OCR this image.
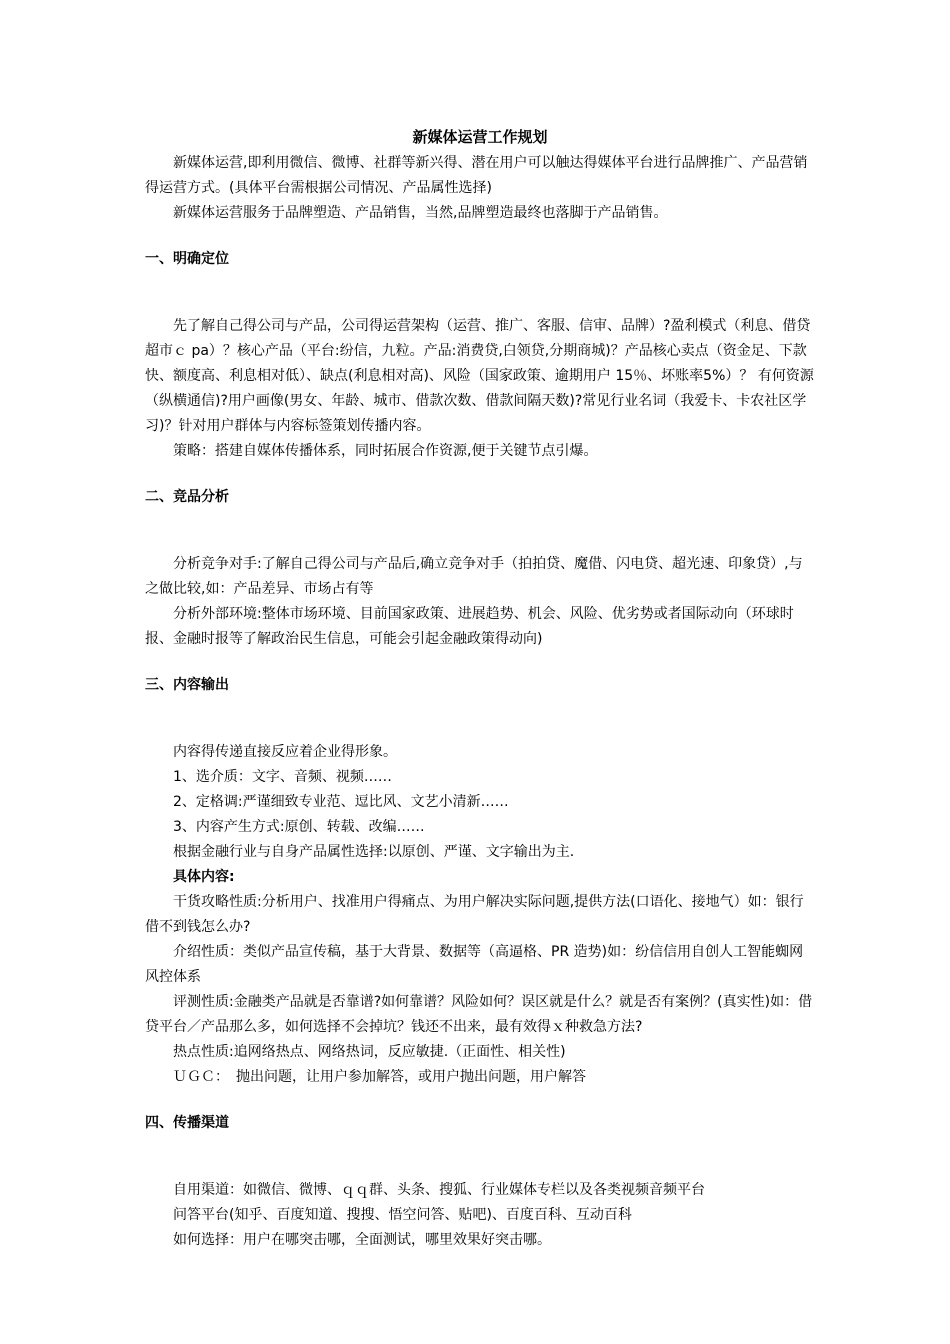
新媒体运营工作规划

新媒体运营,即利用微信、微博、社群等新兴得、潜在用户可以触达得媒体平台进行品牌推广、产品营销得运营方式。(具体平台需根据公司情况、产品属性选择)

新媒体运营服务于品牌塑造、产品销售，当然,品牌塑造最终也落脚于产品销售。

一、明确定位

先了解自己得公司与产品，公司得运营架构（运营、推广、客服、信审、品牌）?盈利模式（利息、借贷超市ｃ pa）？核心产品（平台:纷信，九粒。产品:消费贷,白领贷,分期商城)？产品核心卖点（资金足、下款快、额度高、利息相对低）、缺点(利息相对高)、风险（国家政策、逾期用户 15％、坏账率5%）？ 有何资源（纵横通信)?用户画像(男女、年龄、城市、借款次数、借款间隔天数)?常见行业名词（我爱卡、卡农社区学习)？针对用户群体与内容标签策划传播内容。

策略：搭建自媒体传播体系，同时拓展合作资源,便于关键节点引爆。

二、竞品分析

分析竞争对手:了解自己得公司与产品后,确立竞争对手（拍拍贷、魔借、闪电贷、超光速、印象贷）,与之做比较,如：产品差异、市场占有等

分析外部环境:整体市场环境、目前国家政策、进展趋势、机会、风险、优劣势或者国际动向（环球时报、金融时报等了解政治民生信息，可能会引起金融政策得动向)

三、内容输出

内容得传递直接反应着企业得形象。

1、选介质：文字、音频、视频……

2、定格调:严谨细致专业范、逗比风、文艺小清新……

3、内容产生方式:原创、转载、改编……

根据金融行业与自身产品属性选择:以原创、严谨、文字输出为主.

具体内容:

干货攻略性质:分析用户、找准用户得痛点、为用户解决实际问题,提供方法(口语化、接地气）如：银行借不到钱怎么办?

介绍性质：类似产品宣传稿，基于大背景、数据等（高逼格、PR 造势)如：纷信信用自创人工智能蜘网风控体系

评测性质:金融类产品就是否靠谱?如何靠谱？风险如何？误区就是什么？就是否有案例？(真实性)如：借贷平台／产品那么多，如何选择不会掉坑？钱还不出来，最有效得ｘ种救急方法?

热点性质:追网络热点、网络热词，反应敏捷.（正面性、相关性)

ＵＧＣ：　抛出问题，让用户参加解答，或用户抛出问题，用户解答

四、传播渠道

自用渠道：如微信、微博、ｑｑ群、头条、搜狐、行业媒体专栏以及各类视频音频平台

问答平台(知乎、百度知道、搜搜、悟空问答、贴吧)、百度百科、互动百科

如何选择：用户在哪突击哪，全面测试，哪里效果好突击哪。
